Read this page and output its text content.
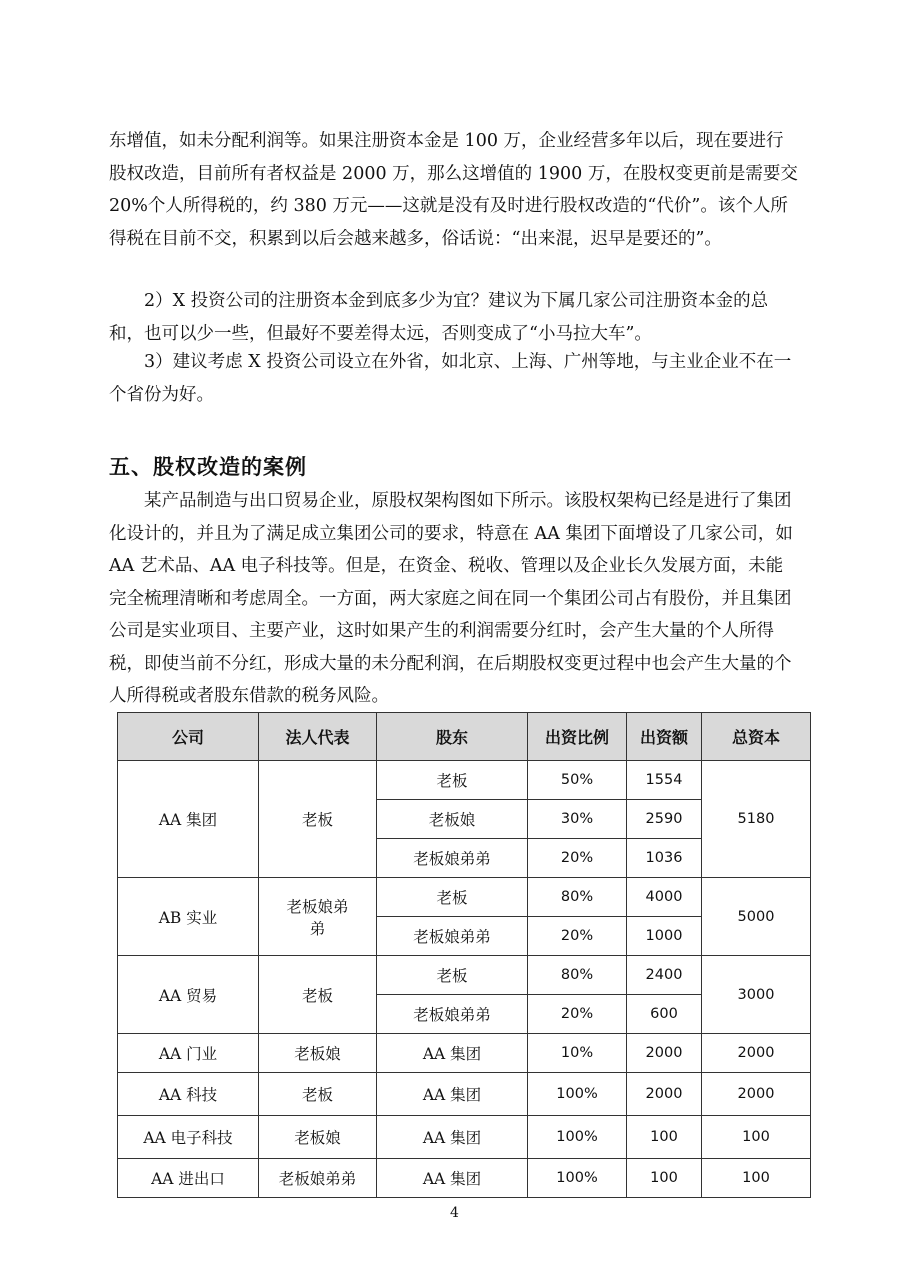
东增值，如未分配利润等。如果注册资本金是 100 万，企业经营多年以后，现在要进行股权改造，目前所有者权益是 2000 万，那么这增值的 1900 万，在股权变更前是需要交 20%个人所得税的，约 380 万元——这就是没有及时进行股权改造的“代价”。该个人所得税在目前不交，积累到以后会越来越多，俗话说：“出来混，迟早是要还的”。

2）X 投资公司的注册资本金到底多少为宜？建议为下属几家公司注册资本金的总和，也可以少一些，但最好不要差得太远，否则变成了“小马拉大车”。

3）建议考虑 X 投资公司设立在外省，如北京、上海、广州等地，与主业企业不在一个省份为好。

五、股权改造的案例

某产品制造与出口贸易企业，原股权架构图如下所示。该股权架构已经是进行了集团化设计的，并且为了满足成立集团公司的要求，特意在 AA 集团下面增设了几家公司，如 AA 艺术品、AA 电子科技等。但是，在资金、税收、管理以及企业长久发展方面，未能完全梳理清晰和考虑周全。一方面，两大家庭之间在同一个集团公司占有股份，并且集团公司是实业项目、主要产业，这时如果产生的利润需要分红时，会产生大量的个人所得税，即使当前不分红，形成大量的未分配利润，在后期股权变更过程中也会产生大量的个人所得税或者股东借款的税务风险。

公司	法人代表	股东	出资比例	出资额	总资本
AA 集团	老板	老板	50%	1554	5180
		老板娘	30%	2590	
		老板娘弟弟	20%	1036	
AB 实业	老板娘弟弟	老板	80%	4000	5000
		老板娘弟弟	20%	1000	
AA 贸易	老板	老板	80%	2400	3000
		老板娘弟弟	20%	600	
AA 门业	老板娘	AA 集团	10%	2000	2000
AA 科技	老板	AA 集团	100%	2000	2000
AA 电子科技	老板娘	AA 集团	100%	100	100
AA 进出口	老板娘弟弟	AA 集团	100%	100	100
4
